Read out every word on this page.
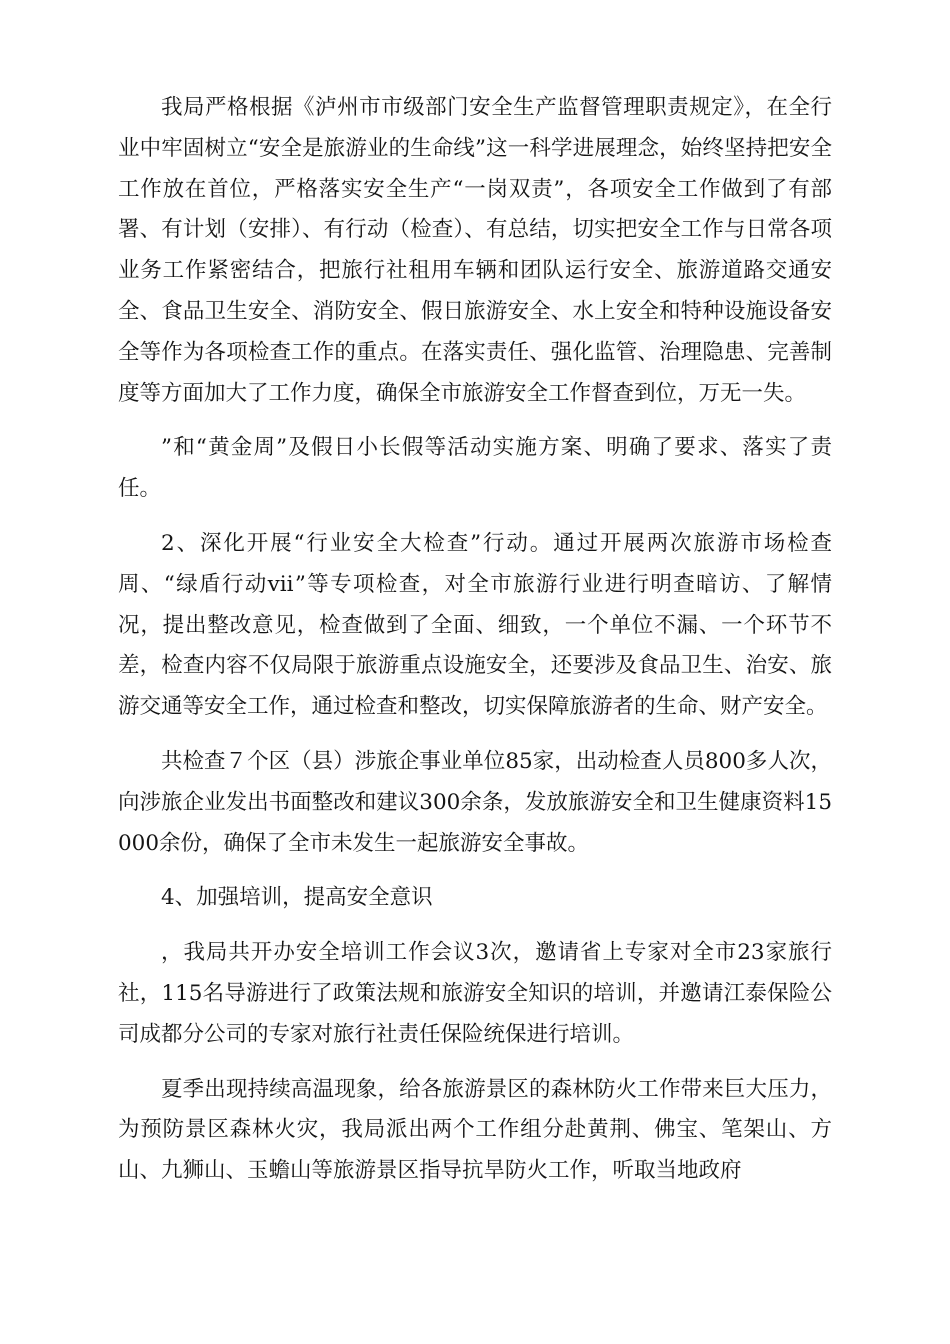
我局严格根据《泸州市市级部门安全生产监督管理职责规定》，在全行业中牢固树立“安全是旅游业的生命线”这一科学进展理念，始终坚持把安全工作放在首位，严格落实安全生产“一岗双责”，各项安全工作做到了有部署、有计划（安排）、有行动（检查）、有总结，切实把安全工作与日常各项业务工作紧密结合，把旅行社租用车辆和团队运行安全、旅游道路交通安全、食品卫生安全、消防安全、假日旅游安全、水上安全和特种设施设备安全等作为各项检查工作的重点。在落实责任、强化监管、治理隐患、完善制度等方面加大了工作力度，确保全市旅游安全工作督查到位，万无一失。

”和“黄金周”及假日小长假等活动实施方案、明确了要求、落实了责任。

2、深化开展“行业安全大检查”行动。通过开展两次旅游市场检查周、“绿盾行动ⅶ”等专项检查，对全市旅游行业进行明查暗访、了解情况，提出整改意见，检查做到了全面、细致，一个单位不漏、一个环节不差，检查内容不仅局限于旅游重点设施安全，还要涉及食品卫生、治安、旅游交通等安全工作，通过检查和整改，切实保障旅游者的生命、财产安全。

共检查７个区（县）涉旅企事业单位85家，出动检查人员800多人次，向涉旅企业发出书面整改和建议300余条，发放旅游安全和卫生健康资料15000余份，确保了全市未发生一起旅游安全事故。

4、加强培训，提高安全意识

，我局共开办安全培训工作会议3次，邀请省上专家对全市23家旅行社，115名导游进行了政策法规和旅游安全知识的培训，并邀请江泰保险公司成都分公司的专家对旅行社责任保险统保进行培训。

夏季出现持续高温现象，给各旅游景区的森林防火工作带来巨大压力，为预防景区森林火灾，我局派出两个工作组分赴黄荆、佛宝、笔架山、方山、九狮山、玉蟾山等旅游景区指导抗旱防火工作，听取当地政府
